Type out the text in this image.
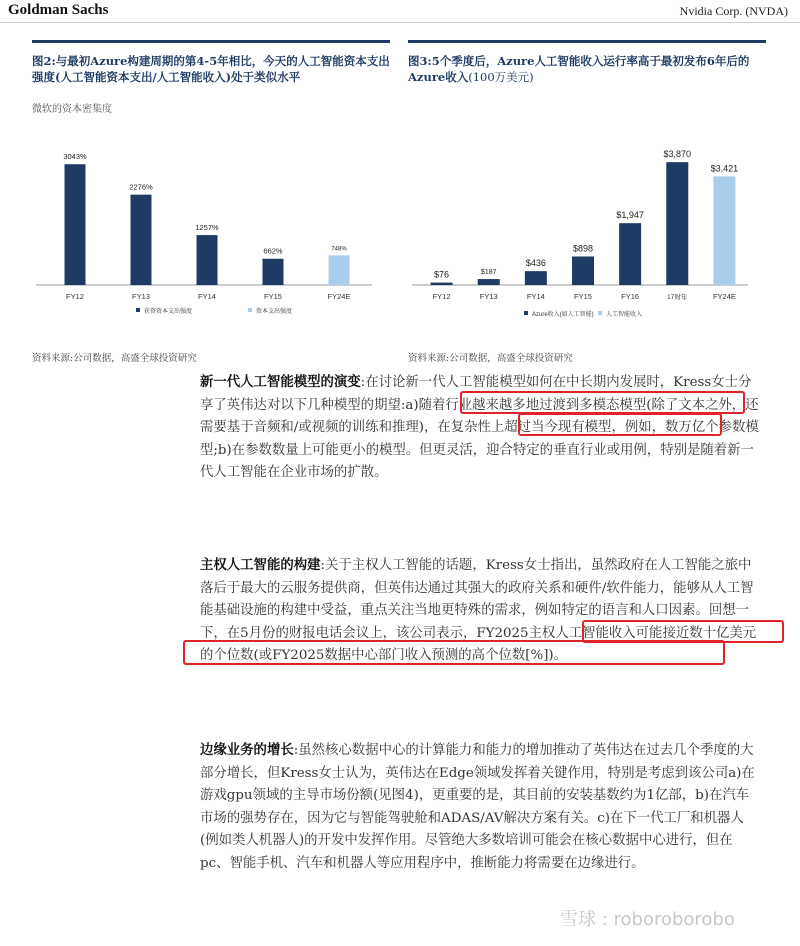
Goldman Sachs	Nvidia Corp. (NVDA)
图2:与最初Azure构建周期的第4-5年相比，今天的人工智能资本支出强度(人工智能资本支出/人工智能收入)处于类似水平
微软的资本密集度
3043%
FY12
2276%
FY13
1257%
FY14
662%
FY15
748%
FY24E
获资资本支出强度	资本支出强度
资料来源:公司数据，高盛全球投资研究
图3:5个季度后，Azure人工智能收入运行率高于最初发布6年后的Azure收入(100万美元)
$76
FY12
$187
FY13
$436
FY14
$898
FY15
$1,947
FY16
$3,870
17财年
$3,421
FY24E
Azure收入(如人工智能) 人工智能收入
资料来源:公司数据，高盛全球投资研究
新一代人工智能模型的演变:在讨论新一代人工智能模型如何在中长期内发展时，Kress女士分享了英伟达对以下几种模型的期望:a)随着行业越来越多地过渡到多模态模型(除了文本之外，还需要基于音频和/或视频的训练和推理)，在复杂性上超过当今现有模型，例如，数万亿个参数模型;b)在参数数量上可能更小的模型。但更灵活，迎合特定的垂直行业或用例，特别是随着新一代人工智能在企业市场的扩散。
主权人工智能的构建:关于主权人工智能的话题，Kress女士指出，虽然政府在人工智能之旅中落后于最大的云服务提供商，但英伟达通过其强大的政府关系和硬件/软件能力，能够从人工智能基础设施的构建中受益，重点关注当地更特殊的需求，例如特定的语言和人口因素。回想一下，在5月份的财报电话会议上，该公司表示，FY2025主权人工智能收入可能接近数十亿美元的个位数(或FY2025数据中心部门收入预测的高个位数[%])。
边缘业务的增长:虽然核心数据中心的计算能力和能力的增加推动了英伟达在过去几个季度的大部分增长，但Kress女士认为，英伟达在Edge领域发挥着关键作用，特别是考虑到该公司a)在游戏gpu领域的主导市场份额(见图4)，更重要的是，其目前的安装基数约为1亿部，b)在汽车市场的强势存在，因为它与智能驾驶舱和ADAS/AV解决方案有关。c)在下一代工厂和机器人(例如类人机器人)的开发中发挥作用。尽管绝大多数培训可能会在核心数据中心进行，但在pc、智能手机、汽车和机器人等应用程序中，推断能力将需要在边缘进行。
雪球 : roboroborobo
